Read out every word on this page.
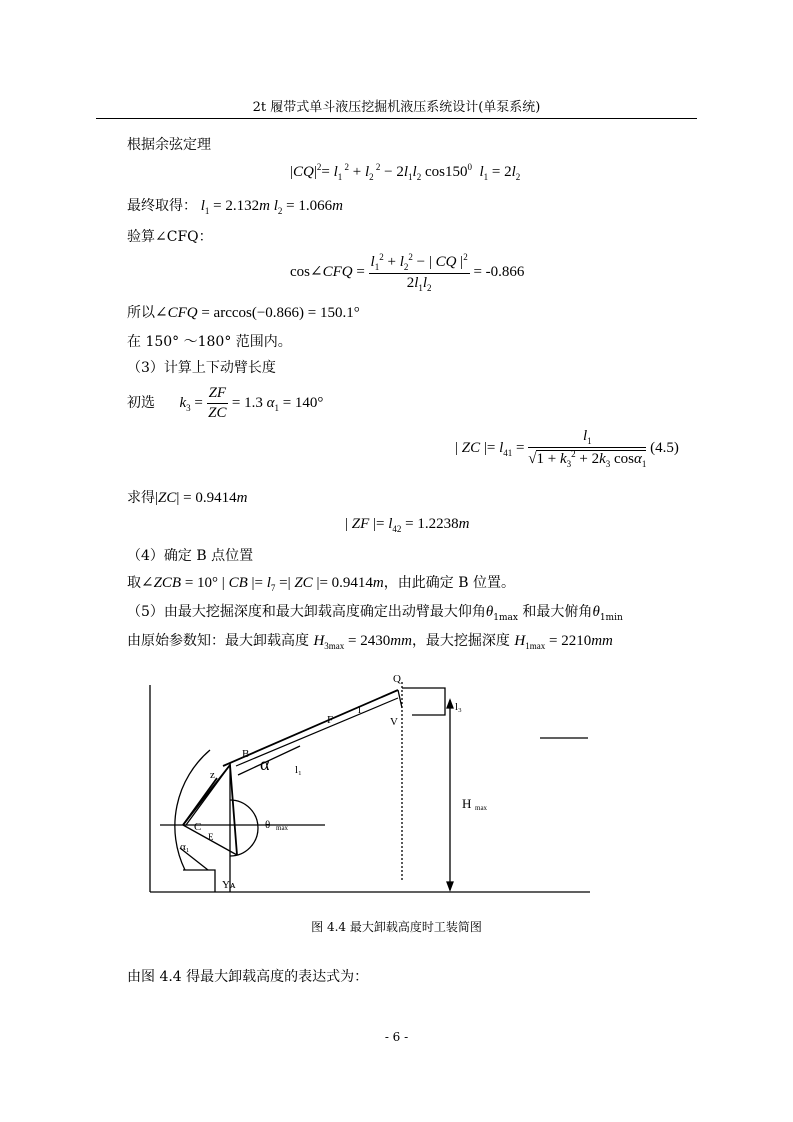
2t 履带式单斗液压挖掘机液压系统设计(单泵系统)
根据余弦定理
$|CQ|^2= l_1$ $^2 + l_2$ $^2 - 2l_1l_2$ $\cos 150^0$ $l_1 = 2l_2$
最终取得： $l_1 = 2.132m$ $l_2 = 1.066m$
验算∠CFQ：
cos∠CFQ = $\frac{l_1^2 + l_2^2 - | CQ |^2}{2l_1l_2} = -0.866$
所以∠CFQ = arccos(−0.866) = 150.1°
在 150° ～180° 范围内。
（3）计算上下动臂长度
初选 $k_3 = \frac{ZF}{ZC} = 1.3$ $\alpha_1 = 140^\circ$
| ZC |= $l_{41} = \frac{l_1}{√1 + k_3^2 + 2k_3 \cos\alpha_1} (4.5)$
求得|ZC| = 0.9414m
| ZF |= $l_{42} = 1.2238m$
（4）确定 B 点位置
取∠ZCB = 10° | CB |= $l_7$ =| ZC |= 0.9414m，由此确定 B 位置。
（5）由最大挖掘深度和最大卸载高度确定出动臂最大仰角$\theta_{1max}$ 和最大俯角$\theta_{1min}$
由原始参数知：最大卸载高度 $H_{3max} = 2430mm$，最大挖掘深度 $H_{1max} = 2210mm$
Q
V
l₃
F
l
B
z	l₁
α
C
E
θ max
α₁
Yᴀ
H max
图 4.4 最大卸载高度时工装简图
由图 4.4 得最大卸载高度的表达式为：
- 6 -
